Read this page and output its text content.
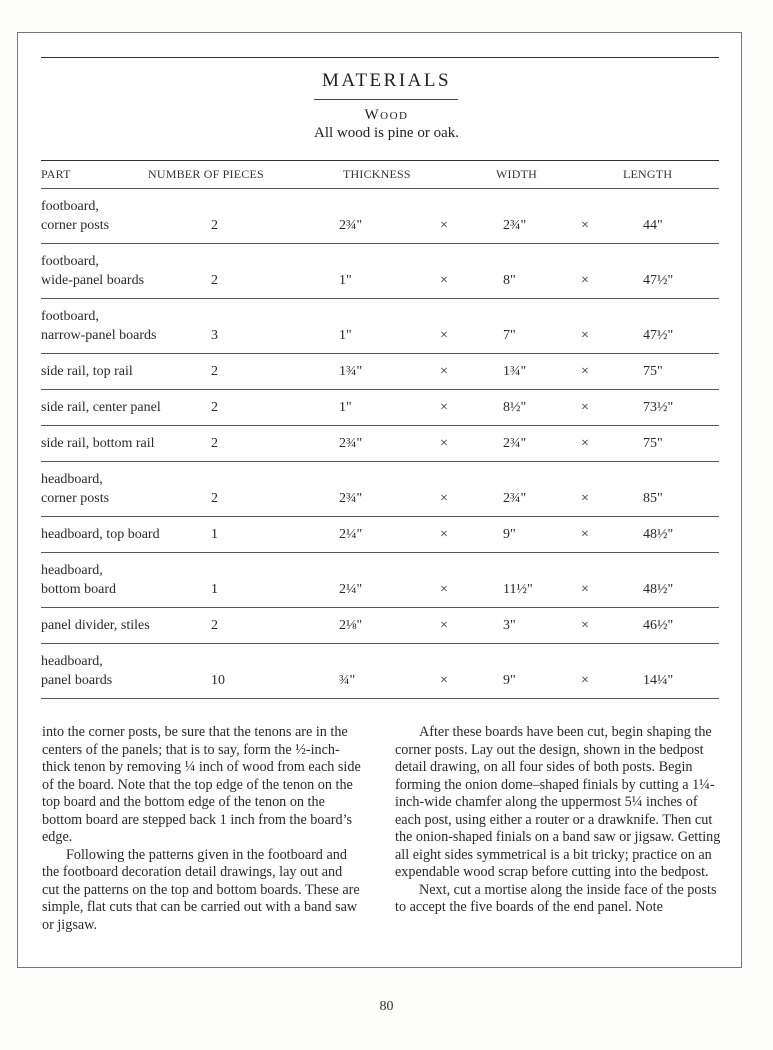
MATERIALS
Wood
All wood is pine or oak.
PART	NUMBER OF PIECES	THICKNESS	WIDTH	LENGTH
footboard,
corner posts	2	2¾"	×	2¾"	×	44"
footboard,
wide-panel boards	2	1"	×	8"	×	47½"
footboard,
narrow-panel boards	3	1"	×	7"	×	47½"
side rail, top rail	2	1¾"	×	1¾"	×	75"
side rail, center panel	2	1"	×	8½"	×	73½"
side rail, bottom rail	2	2¾"	×	2¾"	×	75"
headboard,
corner posts	2	2¾"	×	2¾"	×	85"
headboard, top board	1	2¼"	×	9"	×	48½"
headboard,
bottom board	1	2¼"	×	11½"	×	48½"
panel divider, stiles	2	2⅛"	×	3"	×	46½"
headboard,
panel boards	10	¾"	×	9"	×	14¼"

into the corner posts, be sure that the tenons are in the centers of the panels; that is to say, form the ½-inch-thick tenon by removing ¼ inch of wood from each side of the board. Note that the top edge of the tenon on the top board and the bottom edge of the tenon on the bottom board are stepped back 1 inch from the board’s edge.

Following the patterns given in the footboard and the footboard decoration detail drawings, lay out and cut the patterns on the top and bottom boards. These are simple, flat cuts that can be carried out with a band saw or jigsaw.

After these boards have been cut, begin shaping the corner posts. Lay out the design, shown in the bedpost detail drawing, on all four sides of both posts. Begin forming the onion dome–shaped finials by cutting a 1¼-inch-wide chamfer along the uppermost 5¼ inches of each post, using either a router or a drawknife. Then cut the onion-shaped finials on a band saw or jigsaw. Getting all eight sides symmetrical is a bit tricky; practice on an expendable wood scrap before cutting into the bedpost.

Next, cut a mortise along the inside face of the posts to accept the five boards of the end panel. Note

80
